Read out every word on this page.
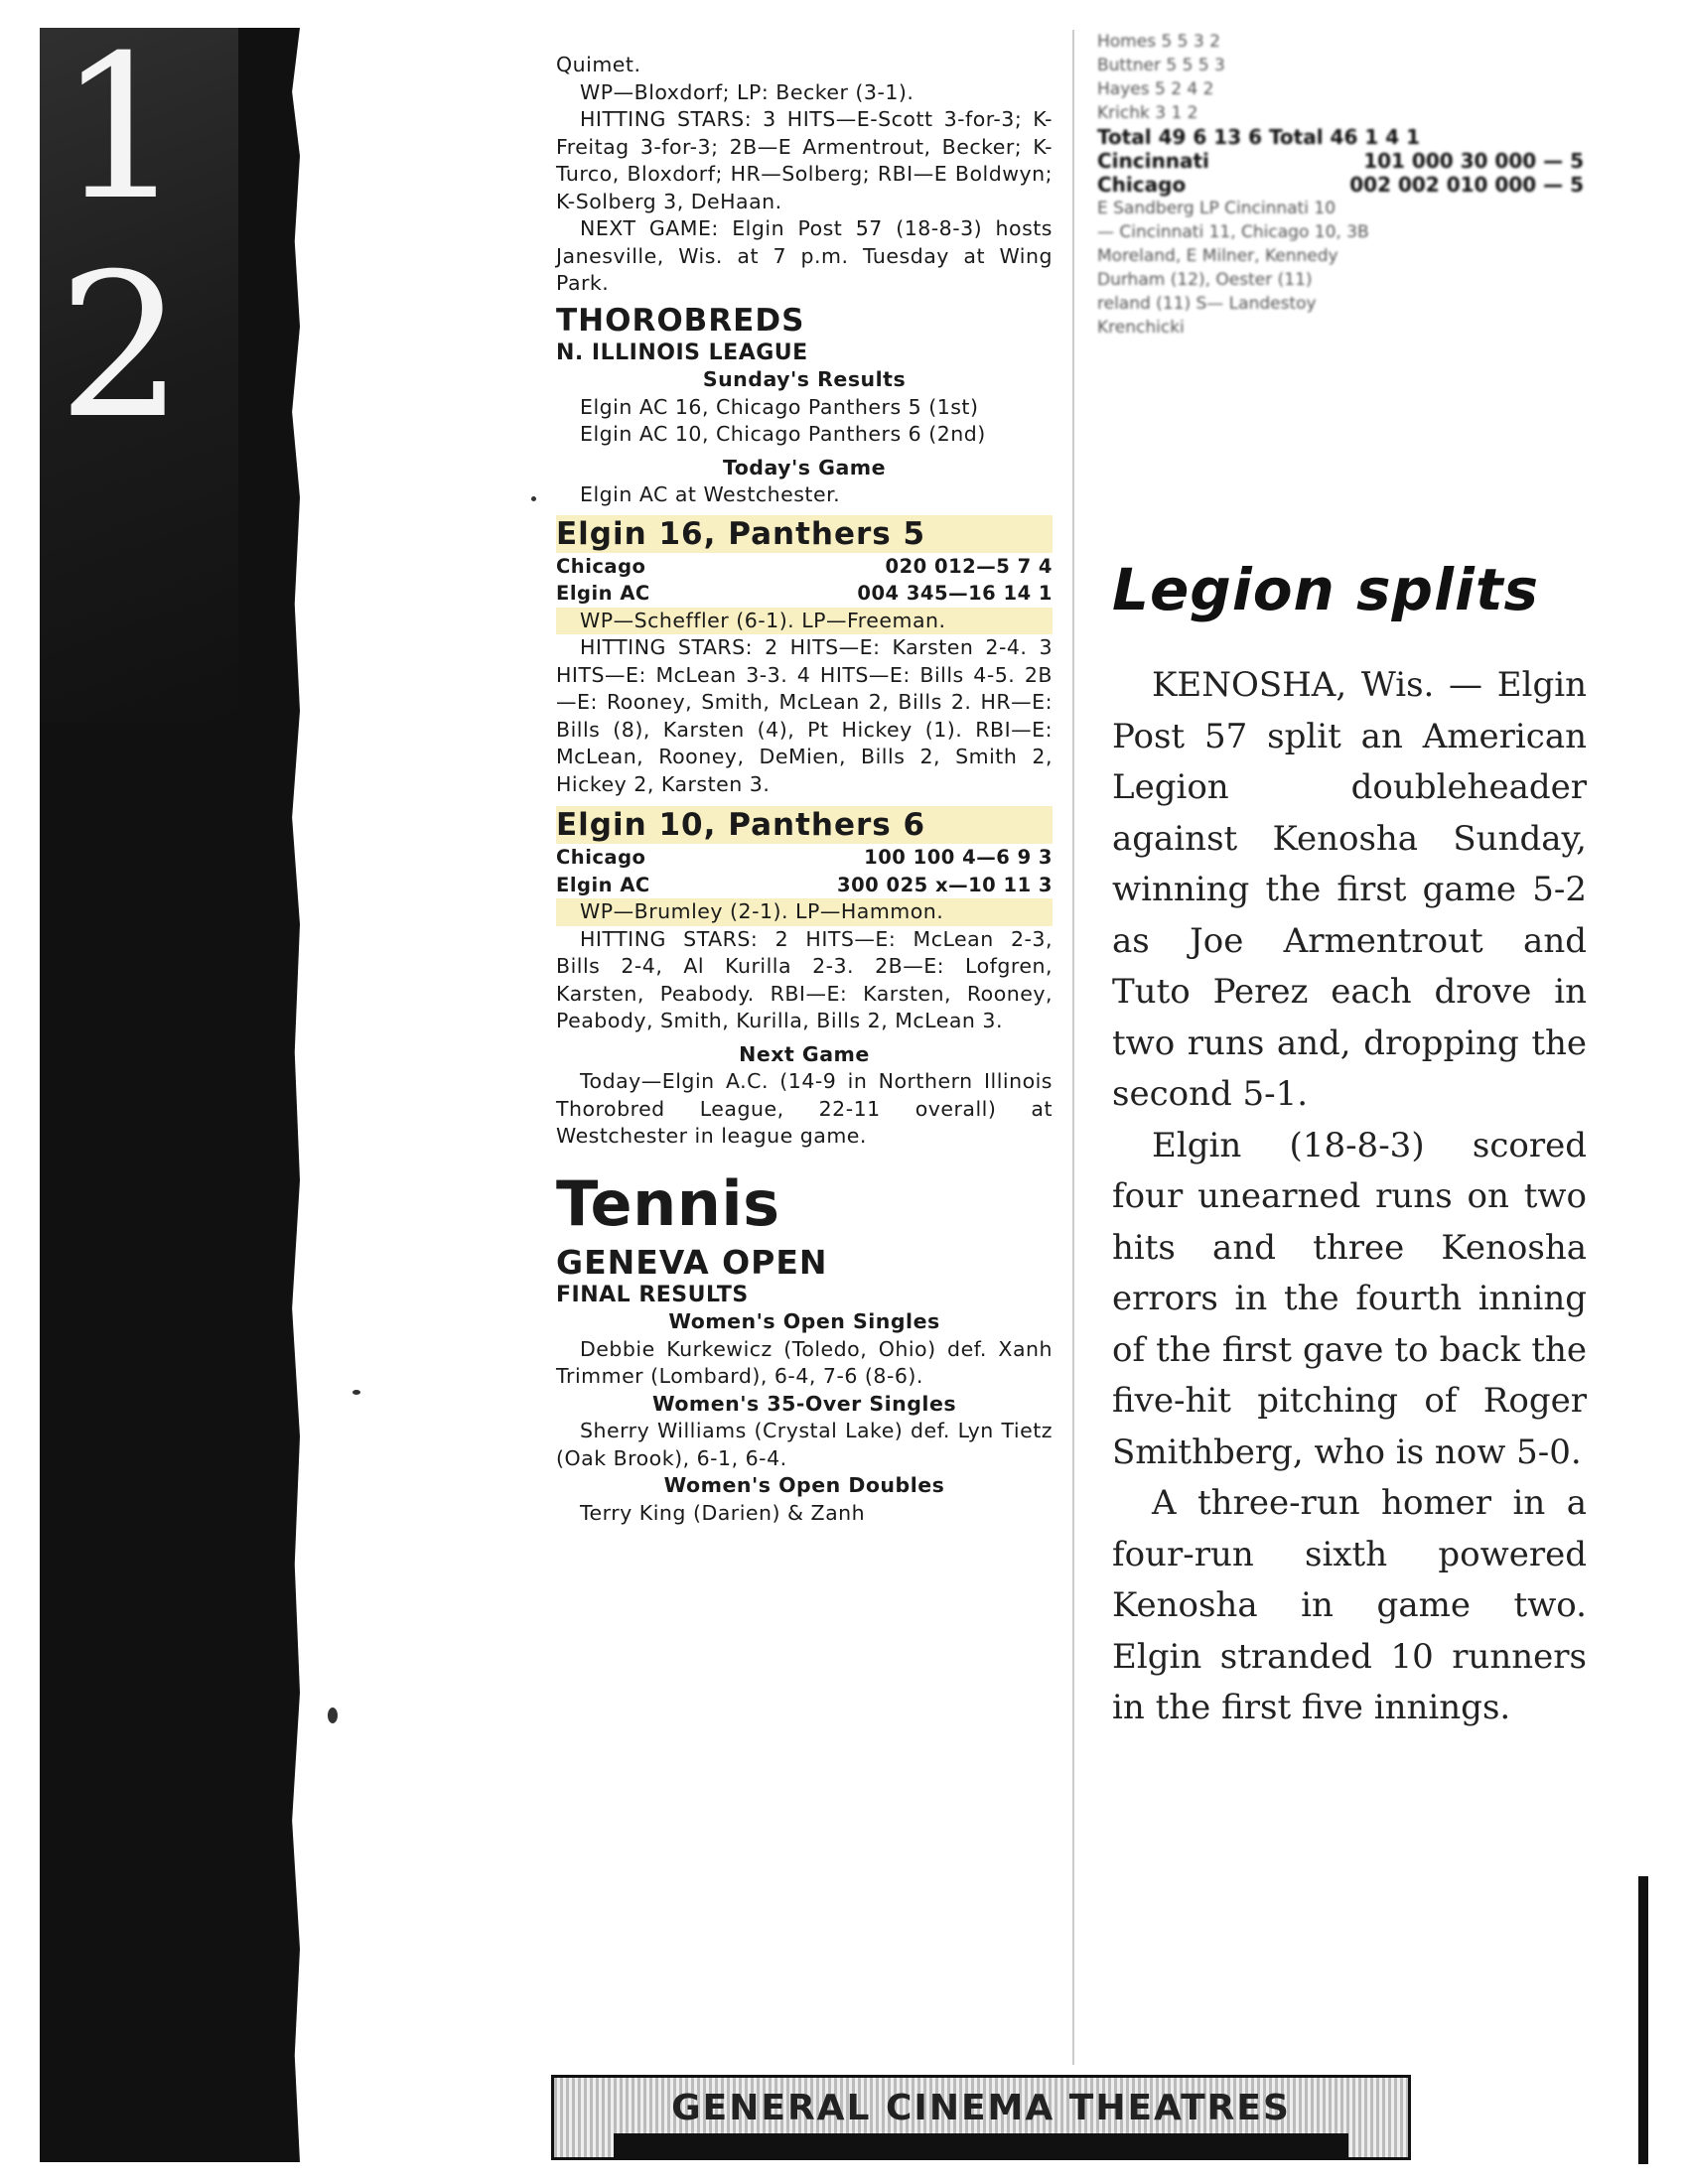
1
2

Quimet.

WP—Bloxdorf; LP: Becker (3-1).

HITTING STARS: 3 HITS—E-Scott 3-for-3; K-Freitag 3-for-3; 2B—E Armentrout, Becker; K-Turco, Bloxdorf; HR—Solberg; RBI—E Boldwyn; K-Solberg 3, DeHaan.

NEXT GAME: Elgin Post 57 (18-8-3) hosts Janesville, Wis. at 7 p.m. Tuesday at Wing Park.

THOROBREDS

N. ILLINOIS LEAGUE

Sunday's Results

Elgin AC 16, Chicago Panthers 5 (1st)

Elgin AC 10, Chicago Panthers 6 (2nd)

Today's Game

Elgin AC at Westchester.

Elgin 16, Panthers 5

Chicago	020 012—5 7 4
Elgin AC	004 345—16 14 1

WP—Scheffler (6-1). LP—Freeman.

HITTING STARS: 2 HITS—E: Karsten 2-4. 3 HITS—E: McLean 3-3. 4 HITS—E: Bills 4-5. 2B—E: Rooney, Smith, McLean 2, Bills 2. HR—E: Bills (8), Karsten (4), Pt Hickey (1). RBI—E: McLean, Rooney, DeMien, Bills 2, Smith 2, Hickey 2, Karsten 3.

Elgin 10, Panthers 6

Chicago	100 100 4—6 9 3
Elgin AC	300 025 x—10 11 3

WP—Brumley (2-1). LP—Hammon.

HITTING STARS: 2 HITS—E: McLean 2-3, Bills 2-4, Al Kurilla 2-3. 2B—E: Lofgren, Karsten, Peabody. RBI—E: Karsten, Rooney, Peabody, Smith, Kurilla, Bills 2, McLean 3.

Next Game

Today—Elgin A.C. (14-9 in Northern Illinois Thorobred League, 22-11 overall) at Westchester in league game.

Tennis

GENEVA OPEN

FINAL RESULTS

Women's Open Singles

Debbie Kurkewicz (Toledo, Ohio) def. Xanh Trimmer (Lombard), 6-4, 7-6 (8-6).

Women's 35-Over Singles

Sherry Williams (Crystal Lake) def. Lyn Tietz (Oak Brook), 6-1, 6-4.

Women's Open Doubles

Terry King (Darien) & Zanh

Homes 5 5 3 2
Buttner 5 5 5 3
Hayes 5 2 4 2
Krichk 3 1 2
Total 49 6 13 6 Total 46 1 4 1
Cincinnati	101 000 30 000 — 5
Chicago	002 002 010 000 — 5
E Sandberg LP Cincinnati 10
— Cincinnati 11, Chicago 10, 3B
Moreland, E Milner, Kennedy
Durham (12), Oester (11)
reland (11) S— Landestoy
Krenchicki
Legion splits

KENOSHA, Wis. — Elgin Post 57 split an American Legion doubleheader against Kenosha Sunday, winning the first game 5-2 as Joe Armentrout and Tuto Perez each drove in two runs and, dropping the second 5-1.

Elgin (18-8-3) scored four unearned runs on two hits and three Kenosha errors in the fourth inning of the first gave to back the five-hit pitching of Roger Smithberg, who is now 5-0.

A three-run homer in a four-run sixth powered Kenosha in game two. Elgin stranded 10 runners in the first five innings.

GENERAL CINEMA THEATRES
